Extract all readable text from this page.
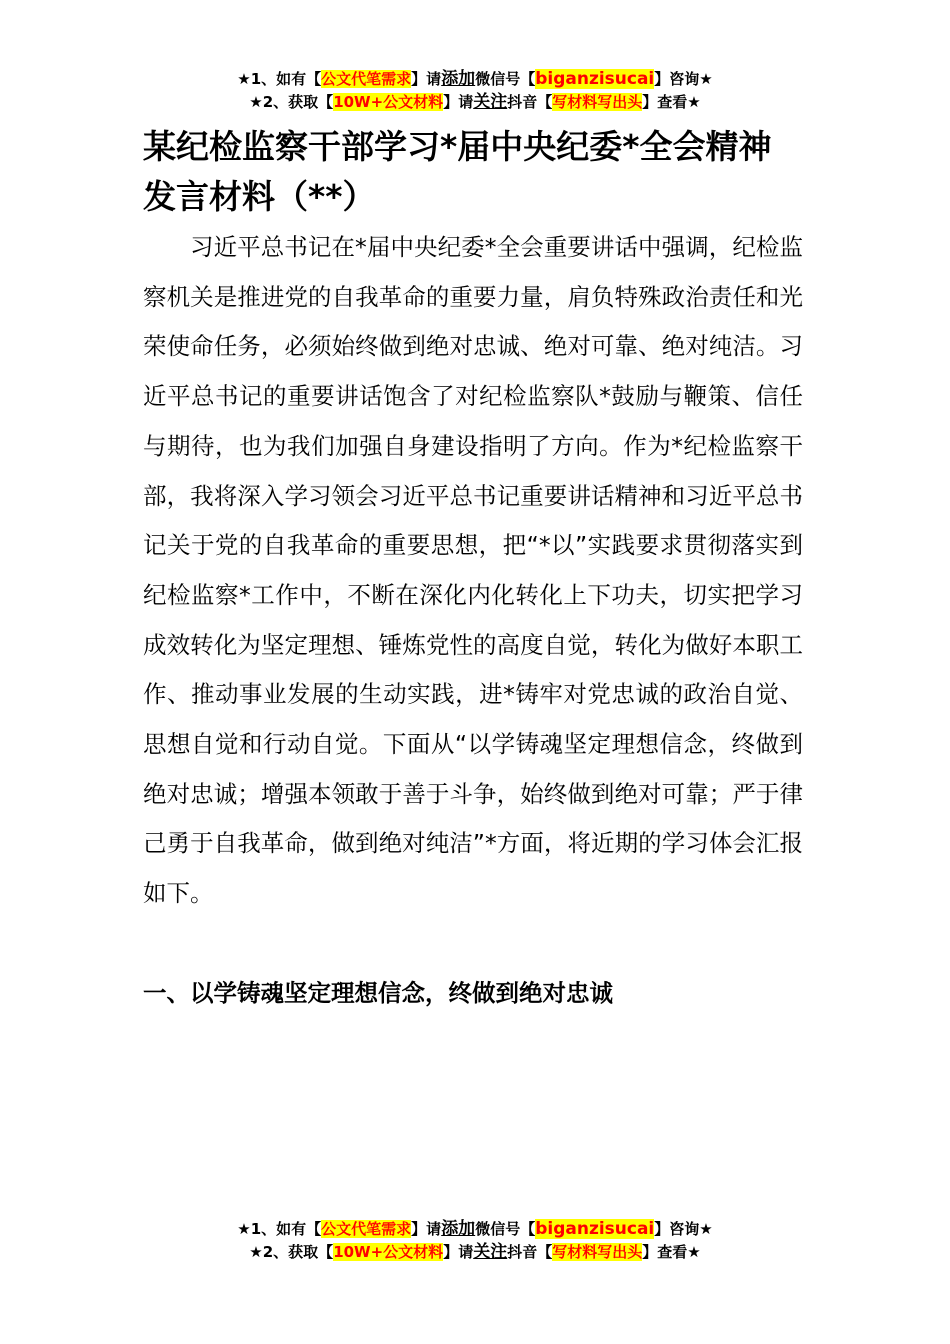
★1、如有【公文代笔需求】请添加微信号【biganzisucai】咨询★
★2、获取【10W+公文材料】请关注抖音【写材料写出头】查看★
某纪检监察干部学习*届中央纪委*全会精神发言材料（**）

习近平总书记在*届中央纪委*全会重要讲话中强调，纪检监察机关是推进党的自我革命的重要力量，肩负特殊政治责任和光荣使命任务，必须始终做到绝对忠诚、绝对可靠、绝对纯洁。习近平总书记的重要讲话饱含了对纪检监察队*鼓励与鞭策、信任与期待，也为我们加强自身建设指明了方向。作为*纪检监察干部，我将深入学习领会习近平总书记重要讲话精神和习近平总书记关于党的自我革命的重要思想，把“*以”实践要求贯彻落实到纪检监察*工作中，不断在深化内化转化上下功夫，切实把学习成效转化为坚定理想、锤炼党性的高度自觉，转化为做好本职工作、推动事业发展的生动实践，进*铸牢对党忠诚的政治自觉、思想自觉和行动自觉。下面从“以学铸魂坚定理想信念，终做到绝对忠诚；增强本领敢于善于斗争，始终做到绝对可靠；严于律己勇于自我革命，做到绝对纯洁”*方面，将近期的学习体会汇报如下。

一、以学铸魂坚定理想信念，终做到绝对忠诚
★1、如有【公文代笔需求】请添加微信号【biganzisucai】咨询★
★2、获取【10W+公文材料】请关注抖音【写材料写出头】查看★
